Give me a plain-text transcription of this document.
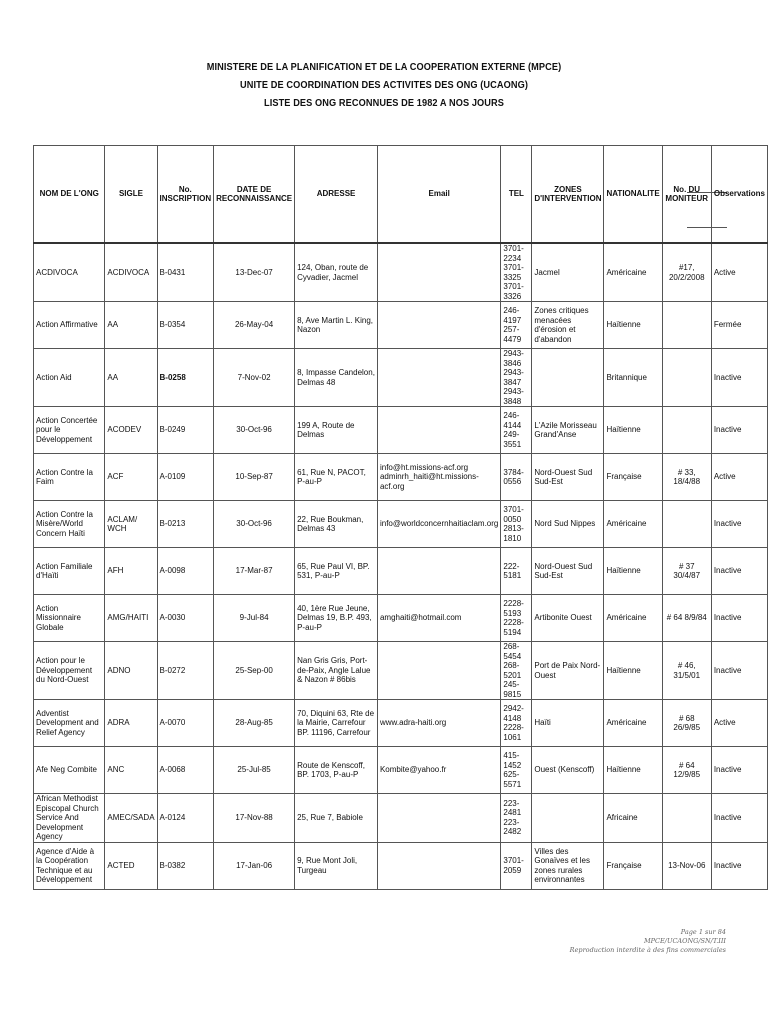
MINISTERE DE LA PLANIFICATION ET DE LA COOPERATION EXTERNE (MPCE)
UNITE DE COORDINATION DES ACTIVITES DES ONG (UCAONG)
LISTE DES ONG RECONNUES DE 1982 A NOS JOURS
NOM DE L'ONG	SIGLE	No. INSCRIPTION	DATE DE RECONNAISSANCE	ADRESSE	Email	TEL	ZONES D'INTERVENTION	NATIONALITE	No. DU MONITEUR	Observations
ACDIVOCA	ACDIVOCA	B-0431	13-Dec-07	124, Oban, route de Cyvadier, Jacmel		3701-2234 3701-3325 3701-3326	Jacmel	Américaine	#17, 20/2/2008	Active
Action Affirmative	AA	B-0354	26-May-04	8, Ave Martin L. King, Nazon		246-4197 257-4479	Zones critiques menacées d'érosion et d'abandon	Haïtienne		Fermée
Action Aid	AA	B-0258	7-Nov-02	8, Impasse Candelon, Delmas 48		2943-3846 2943-3847 2943-3848		Britannique		Inactive
Action Concertée pour le Développement	ACODEV	B-0249	30-Oct-96	199 A, Route de Delmas		246-4144 249-3551	L'Azile Morisseau Grand'Anse	Haïtienne		Inactive
Action Contre la Faim	ACF	A-0109	10-Sep-87	61, Rue N, PACOT, P-au-P	info@ht.missions-acf.org adminrh_haiti@ht.missions-acf.org	3784-0556	Nord-Ouest Sud Sud-Est	Française	# 33, 18/4/88	Active
Action Contre la Misère/World Concern Haïti	ACLAM/ WCH	B-0213	30-Oct-96	22, Rue Boukman, Delmas 43	info@worldconcernhaitiaclam.org	3701-0050 2813-1810	Nord Sud Nippes	Américaine		Inactive
Action Familiale d'Haïti	AFH	A-0098	17-Mar-87	65, Rue Paul VI, BP. 531, P-au-P		222-5181	Nord-Ouest Sud Sud-Est	Haïtienne	# 37 30/4/87	Inactive
Action Missionnaire Globale	AMG/HAITI	A-0030	9-Jul-84	40, 1ère Rue Jeune, Delmas 19, B.P. 493, P-au-P	amghaiti@hotmail.com	2228-5193 2228-5194	Artibonite Ouest	Américaine	# 64 8/9/84	Inactive
Action pour le Développement du Nord-Ouest	ADNO	B-0272	25-Sep-00	Nan Gris Gris, Port-de-Paix, Angle Lalue & Nazon # 86bis		268-5454 268-5201 245-9815	Port de Paix Nord-Ouest	Haïtienne	# 46, 31/5/01	Inactive
Adventist Development and Relief Agency	ADRA	A-0070	28-Aug-85	70, Diquini 63, Rte de la Mairie, Carrefour BP. 11196, Carrefour	www.adra-haiti.org	2942-4148 2228-1061	Haïti	Américaine	# 68 26/9/85	Active
Afe Neg Combite	ANC	A-0068	25-Jul-85	Route de Kenscoff, BP. 1703, P-au-P	Kombite@yahoo.fr	415-1452 625-5571	Ouest (Kenscoff)	Haïtienne	# 64 12/9/85	Inactive
African Methodist Episcopal Church Service And Development Agency	AMEC/SADA	A-0124	17-Nov-88	25, Rue 7, Babiole		223-2481 223-2482		Africaine		Inactive
Agence d'Aide à la Coopération Technique et au Développement	ACTED	B-0382	17-Jan-06	9, Rue Mont Joli, Turgeau		3701-2059	Villes des Gonaïves et les zones rurales environnantes	Française	13-Nov-06	Inactive
Page 1 sur 84
MPCE/UCAONG/SN/T.III
Reproduction interdite à des fins commerciales
